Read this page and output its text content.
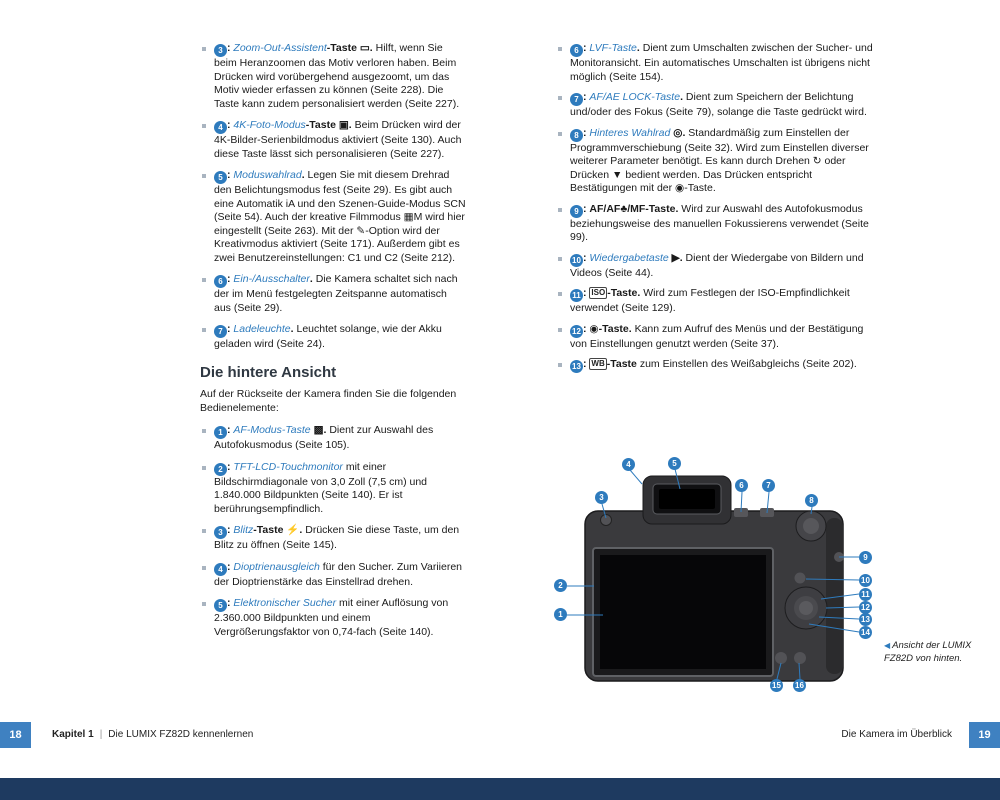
3 : Zoom-Out-Assistent-Taste ▭. Hilft, wenn Sie beim Heranzoomen das Motiv verloren haben. Beim Drücken wird vorübergehend ausgezoomt, um das Motiv wieder erfassen zu können (Seite 228). Die Taste kann zudem personalisiert werden (Seite 227).
4 : 4K-Foto-Modus-Taste ▣. Beim Drücken wird der 4K-Bilder-Serienbildmodus aktiviert (Seite 130). Auch diese Taste lässt sich personalisieren (Seite 227).
5 : Moduswahlrad. Legen Sie mit diesem Drehrad den Belichtungsmodus fest (Seite 29). Es gibt auch eine Automatik iA und den Szenen-Guide-Modus SCN (Seite 54). Auch der kreative Filmmodus ▦M wird hier eingestellt (Seite 263). Mit der ✎-Option wird der Kreativmodus aktiviert (Seite 171). Außerdem gibt es zwei Benutzereinstellungen: C1 und C2 (Seite 212).
6 : Ein-/Ausschalter. Die Kamera schaltet sich nach der im Menü festgelegten Zeitspanne automatisch aus (Seite 29).
7 : Ladeleuchte. Leuchtet solange, wie der Akku geladen wird (Seite 24).
Die hintere Ansicht
Auf der Rückseite der Kamera finden Sie die folgenden Bedienelemente:
1 : AF-Modus-Taste ▩. Dient zur Auswahl des Autofokusmodus (Seite 105).
2 : TFT-LCD-Touchmonitor mit einer Bildschirmdiagonale von 3,0 Zoll (7,5 cm) und 1.840.000 Bildpunkten (Seite 140). Er ist berührungsempfindlich.
3 : Blitz-Taste ⚡. Drücken Sie diese Taste, um den Blitz zu öffnen (Seite 145).
4 : Dioptrienausgleich für den Sucher. Zum Variieren der Dioptrienstärke das Einstellrad drehen.
5 : Elektronischer Sucher mit einer Auflösung von 2.360.000 Bildpunkten und einem Vergrößerungsfaktor von 0,74-fach (Seite 140).
6 : LVF-Taste. Dient zum Umschalten zwischen der Sucher- und Monitoransicht. Ein automatisches Umschalten ist übrigens nicht möglich (Seite 154).
7 : AF/AE LOCK-Taste. Dient zum Speichern der Belichtung und/oder des Fokus (Seite 79), solange die Taste gedrückt wird.
8 : Hinteres Wahlrad ◎. Standardmäßig zum Einstellen der Programmverschiebung (Seite 32). Wird zum Einstellen diverser weiterer Parameter benötigt. Es kann durch Drehen ↻ oder Drücken ▼ bedient werden. Das Drücken entspricht Bestätigungen mit der ◉-Taste.
9 : AF/AF♣/MF-Taste. Wird zur Auswahl des Autofokusmodus beziehungsweise des manuellen Fokussierens verwendet (Seite 99).
10 : Wiedergabetaste ▶. Dient der Wiedergabe von Bildern und Videos (Seite 44).
11 : ISO -Taste. Wird zum Festlegen der ISO-Empfindlichkeit verwendet (Seite 129).
12 : ◉-Taste. Kann zum Aufruf des Menüs und der Bestätigung von Einstellungen genutzt werden (Seite 37).
13 : WB -Taste zum Einstellen des Weißabgleichs (Seite 202).
1
2
3
4	5
6	7
8
9
10
11
12
13
14
15 16
◀ Ansicht der LUMIX FZ82D von hinten.
18	Kapitel 1 | Die LUMIX FZ82D kennenlernen	Die Kamera im Überblick	19
